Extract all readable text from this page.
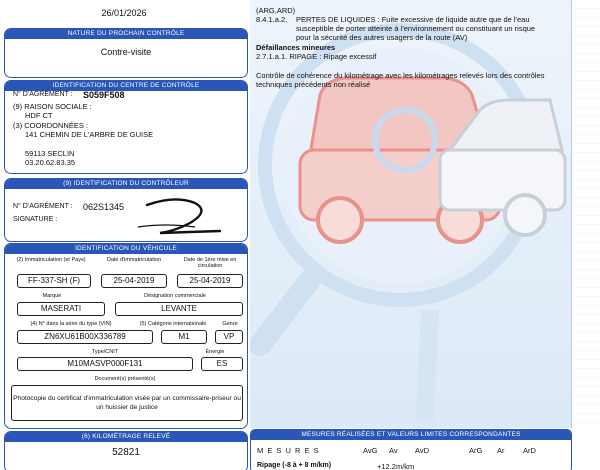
(ARG,ARD)
8.4.1.a.2. PERTES DE LIQUIDES : Fuite excessive de liquide autre que de l'eau
susceptible de porter atteinte à l'environnement ou constituant un risque
pour la sécurité des autres usagers de la route (AV)
Défaillances mineures
2.7.1.a.1. RIPAGE : Ripage excessif
Contrôle de cohérence du kilométrage avec les kilométrages relevés lors des contrôles
techniques précédents non réalisé
26/01/2026
NATURE DU PROCHAIN CONTRÔLE
Contre-visite
IDENTIFICATION DU CENTRE DE CONTRÔLE
N° D'AGRÉMENT : S059F508
(9) RAISON SOCIALE :
HDF CT
(3) COORDONNÉES :
141 CHEMIN DE L'ARBRE DE GUISE
59113 SECLIN
03.20.62.83.35
(9) IDENTIFICATION DU CONTRÔLEUR
N° D'AGRÉMENT : 062S1345
SIGNATURE :
IDENTIFICATION DU VÉHICULE
(2) Immatriculation (et Pays)	Date d'immatriculation	Date de 1ère mise en circulation
FF-337-SH (F)	25-04-2019	25-04-2019
Marque	Désignation commerciale
MASERATI	LEVANTE
(4) N° dans la série du type (VIN)	(5) Catégorie internationale	Genre
ZN6XU61B00X336789	M1	VP
Type/CNIT	Énergie
M10MASVP000F131	ES
Document(s) présenté(s)
Photocopie du certificat d'immatriculation visée par un commissaire-priseur ou un huissier de justice
(6) KILOMÉTRAGE RELEVÉ
52821
MESURES RÉALISÉES ET VALEURS LIMITES CORRESPONDANTES
M E S U R E S	AvG Av AvD	ArG Ar ArD
Ripage (-8 à + 8 m/km)	+12.2m/km
